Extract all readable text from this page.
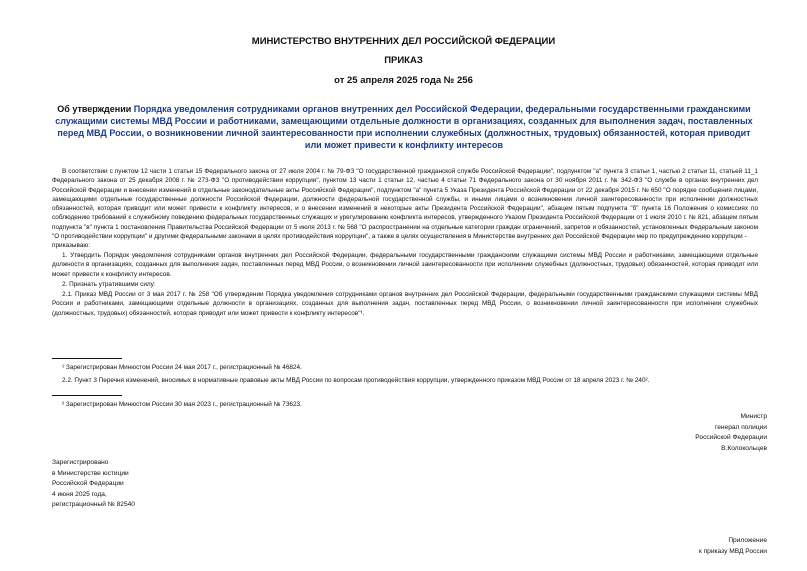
МИНИСТЕРСТВО ВНУТРЕННИХ ДЕЛ РОССИЙСКОЙ ФЕДЕРАЦИИ
ПРИКАЗ
от 25 апреля 2025 года № 256
Об утверждении Порядка уведомления сотрудниками органов внутренних дел Российской Федерации, федеральными государственными гражданскими служащими системы МВД России и работниками, замещающими отдельные должности в организациях, созданных для выполнения задач, поставленных перед МВД России, о возникновении личной заинтересованности при исполнении служебных (должностных, трудовых) обязанностей, которая приводит или может привести к конфликту интересов

В соответствии с пунктом 12 части 1 статьи 15 Федерального закона от 27 июля 2004 г. № 79-ФЗ "О государственной гражданской службе Российской Федерации", подпунктом "а" пункта 3 статьи 1, частью 2 статьи 11, статьей 11_1 Федерального закона от 25 декабря 2008 г. № 273-ФЗ "О противодействии коррупции", пунктом 13 части 1 статьи 12, частью 4 статьи 71 Федерального закона от 30 ноября 2011 г. № 342-ФЗ "О службе в органах внутренних дел Российской Федерации и внесении изменений в отдельные законодательные акты Российской Федерации", подпунктом "а" пункта 5 Указа Президента Российской Федерации от 22 декабря 2015 г. № 650 "О порядке сообщения лицами, замещающими отдельные государственные должности Российской Федерации, должности федеральной государственной службы, и иными лицами о возникновении личной заинтересованности при исполнении должностных обязанностей, которая приводит или может привести к конфликту интересов, и о внесении изменений в некоторые акты Президента Российской Федерации", абзацем пятым подпункта "б" пункта 16 Положения о комиссиях по соблюдению требований к служебному поведению федеральных государственных служащих и урегулированию конфликта интересов, утвержденного Указом Президента Российской Федерации от 1 июля 2010 г. № 821, абзацем пятым подпункта "в" пункта 1 постановления Правительства Российской Федерации от 5 июля 2013 г. № 568 "О распространении на отдельные категории граждан ограничений, запретов и обязанностей, установленных Федеральным законом "О противодействии коррупции" и другими федеральными законами в целях противодействия коррупции", а также в целях осуществления в Министерстве внутренних дел Российской Федерации мер по предупреждению коррупции -

приказываю:

1. Утвердить Порядок уведомления сотрудниками органов внутренних дел Российской Федерации, федеральными государственными гражданскими служащими системы МВД России и работниками, замещающими отдельные должности в организациях, созданных для выполнения задач, поставленных перед МВД России, о возникновении личной заинтересованности при исполнении служебных (должностных, трудовых) обязанностей, которая приводит или может привести к конфликту интересов.

2. Признать утратившими силу:

2.1. Приказ МВД России от 3 мая 2017 г. № 258 "Об утверждении Порядка уведомления сотрудниками органов внутренних дел Российской Федерации, федеральными государственными гражданскими служащими системы МВД России и работниками, замещающими отдельные должности в организациях, созданных для выполнения задач, поставленных перед МВД России, о возникновении личной заинтересованности при исполнении служебных (должностных, трудовых) обязанностей, которая приводит или может привести к конфликту интересов"¹.

¹ Зарегистрирован Минюстом России 24 мая 2017 г., регистрационный № 46824.

2.2. Пункт 3 Перечня изменений, вносимых в нормативные правовые акты МВД России по вопросам противодействия коррупции, утвержденного приказом МВД России от 18 апреля 2023 г. № 240².

² Зарегистрирован Минюстом России 30 мая 2023 г., регистрационный № 73623.

Министр
генерал полиции
Российской Федерации
В.Колокольцев
Зарегистрировано
в Министерстве юстиции
Российской Федерации
4 июня 2025 года,
регистрационный № 82540
Приложение
к приказу МВД России
